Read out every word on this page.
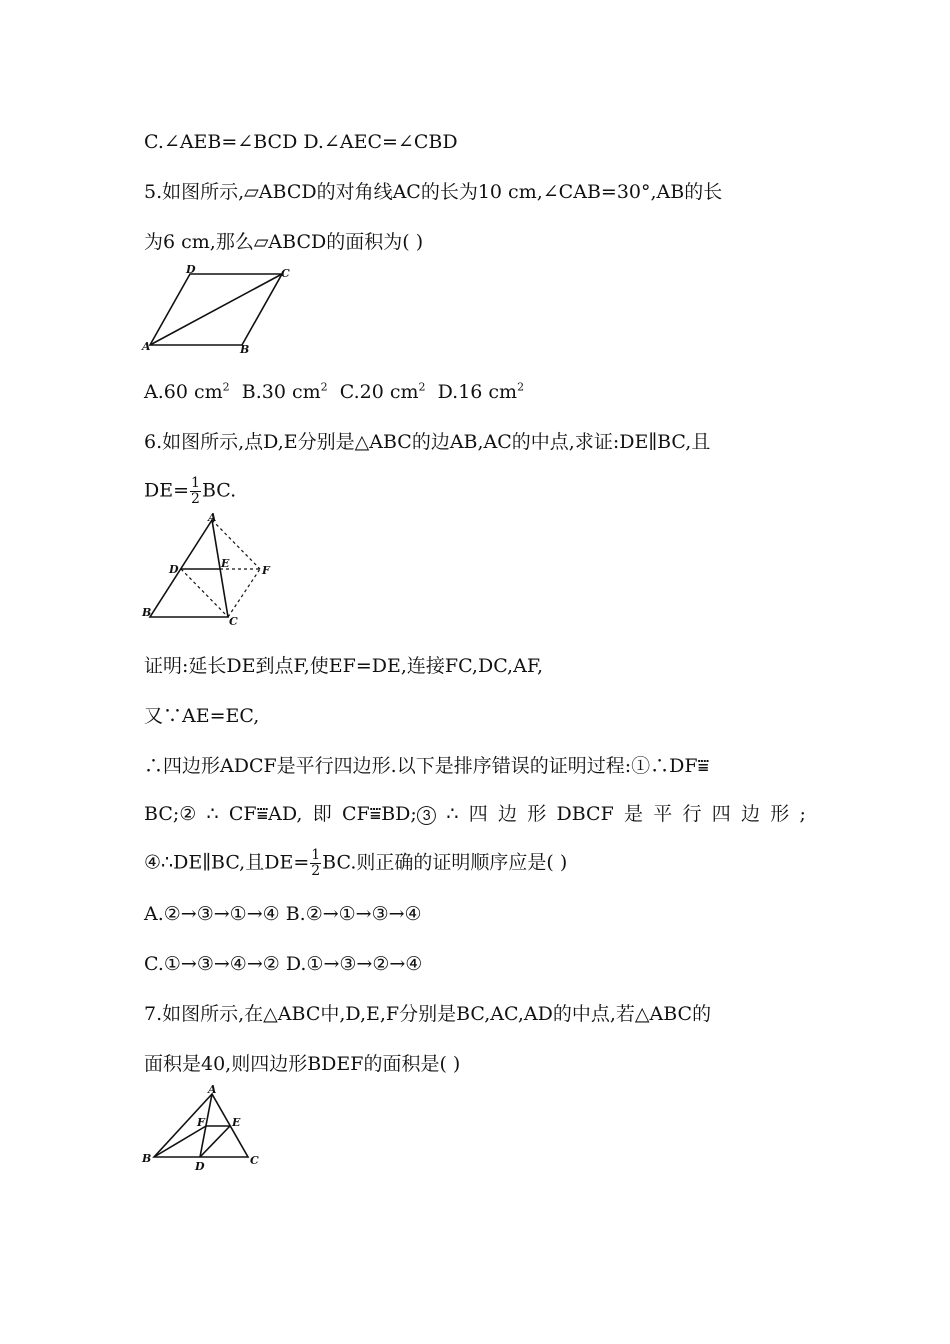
C.∠AEB=∠BCD D.∠AEC=∠CBD
5.如图所示,▱ABCD的对角线AC的长为10 cm,∠CAB=30°,AB的长
为6 cm,那么▱ABCD的面积为( )
A	B
C
D
A.60 $cm^2$ B.30 $cm^2$ C.20 $cm^2$ D.16 $cm^2$
6.如图所示,点D,E分别是△ABC的边AB,AC的中点,求证:DE∥BC,且
$DE= \frac{1}{2}$ BC.
A
B
C
D	E
F
证明:延长DE到点F,使EF=DE,连接FC,DC,AF,
又∵AE=EC,
∴四边形ADCF是平行四边形.以下是排序错误的证明过程:①∴DF⩸
BC;② ∴ CF⩸AD, 即 CF⩸BD;③ ∴ 四 边 形 DBCF 是 平 行 四 边 形 ;
④∴DE∥BC,且$DE= \frac{1}{2}$ BC.则正确的证明顺序应是( )
A.②→③→①→④ B.②→①→③→④
C.①→③→④→② D.①→③→②→④
7.如图所示,在△ABC中,D,E,F分别是BC,AC,AD的中点,若△ABC的
面积是40,则四边形BDEF的面积是( )
A
B	C
D
E
F
